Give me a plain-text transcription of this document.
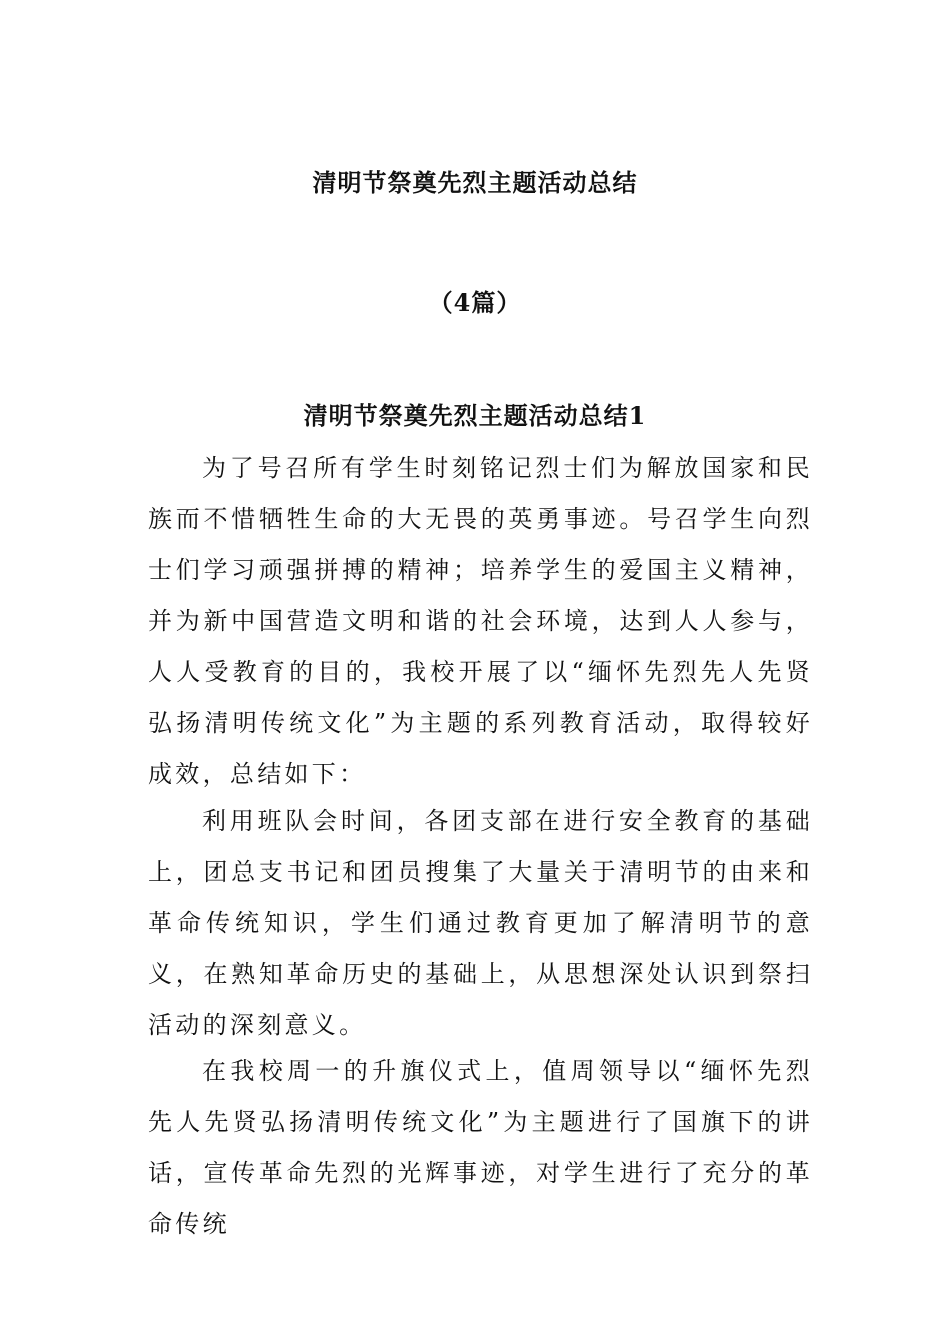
清明节祭奠先烈主题活动总结
（4篇）
清明节祭奠先烈主题活动总结1

为了号召所有学生时刻铭记烈士们为解放国家和民族而不惜牺牲生命的大无畏的英勇事迹。号召学生向烈士们学习顽强拼搏的精神；培养学生的爱国主义精神，并为新中国营造文明和谐的社会环境，达到人人参与，人人受教育的目的，我校开展了以“缅怀先烈先人先贤弘扬清明传统文化”为主题的系列教育活动，取得较好成效，总结如下：

利用班队会时间，各团支部在进行安全教育的基础上，团总支书记和团员搜集了大量关于清明节的由来和革命传统知识，学生们通过教育更加了解清明节的意义，在熟知革命历史的基础上，从思想深处认识到祭扫活动的深刻意义。

在我校周一的升旗仪式上，值周领导以“缅怀先烈先人先贤弘扬清明传统文化”为主题进行了国旗下的讲话，宣传革命先烈的光辉事迹，对学生进行了充分的革命传统
